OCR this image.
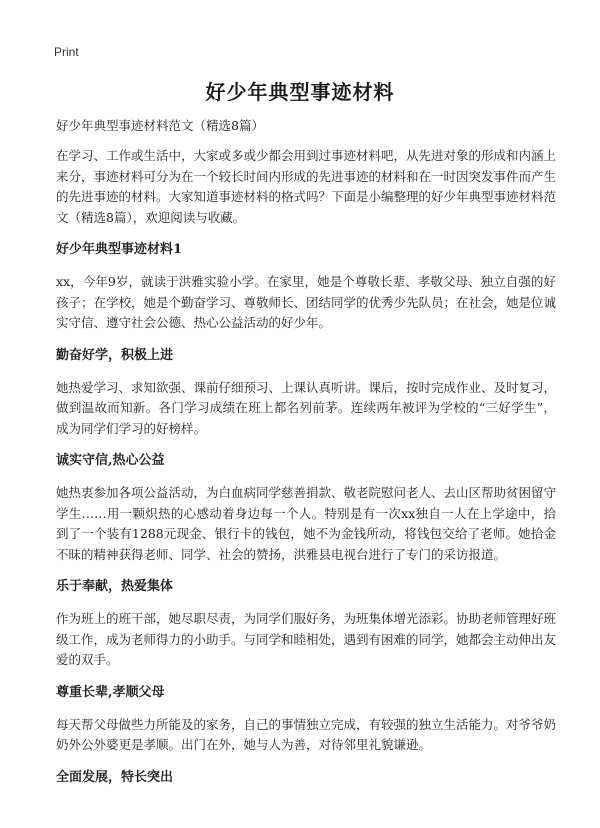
Print
好少年典型事迹材料

好少年典型事迹材料范文（精选8篇）

在学习、工作或生活中，大家或多或少都会用到过事迹材料吧，从先进对象的形成和内涵上来分，事迹材料可分为在一个较长时间内形成的先进事迹的材料和在一时因突发事件而产生的先进事迹的材料。大家知道事迹材料的格式吗？下面是小编整理的好少年典型事迹材料范文（精选8篇），欢迎阅读与收藏。

好少年典型事迹材料1

xx，今年9岁，就读于洪雅实验小学。在家里，她是个尊敬长辈、孝敬父母、独立自强的好孩子；在学校，她是个勤奋学习、尊敬师长、团结同学的优秀少先队员；在社会，她是位诚实守信、遵守社会公德、热心公益活动的好少年。

勤奋好学，积极上进

她热爱学习、求知欲强、课前仔细预习、上课认真听讲。课后，按时完成作业、及时复习，做到温故而知新。各门学习成绩在班上都名列前茅。连续两年被评为学校的“三好学生”，成为同学们学习的好榜样。

诚实守信,热心公益

她热衷参加各项公益活动，为白血病同学慈善捐款、敬老院慰问老人、去山区帮助贫困留守学生……用一颗炽热的心感动着身边每一个人。特别是有一次xx独自一人在上学途中，拾到了一个装有1288元现金、银行卡的钱包，她不为金钱所动，将钱包交给了老师。她拾金不昧的精神获得老师、同学、社会的赞扬，洪雅县电视台进行了专门的采访报道。

乐于奉献，热爱集体

作为班上的班干部，她尽职尽责，为同学们服好务，为班集体增光添彩。协助老师管理好班级工作，成为老师得力的小助手。与同学和睦相处，遇到有困难的同学，她都会主动伸出友爱的双手。

尊重长辈,孝顺父母

每天帮父母做些力所能及的家务，自己的事情独立完成，有较强的独立生活能力。对爷爷奶奶外公外婆更是孝顺。出门在外，她与人为善，对待邻里礼貌谦逊。

全面发展，特长突出
